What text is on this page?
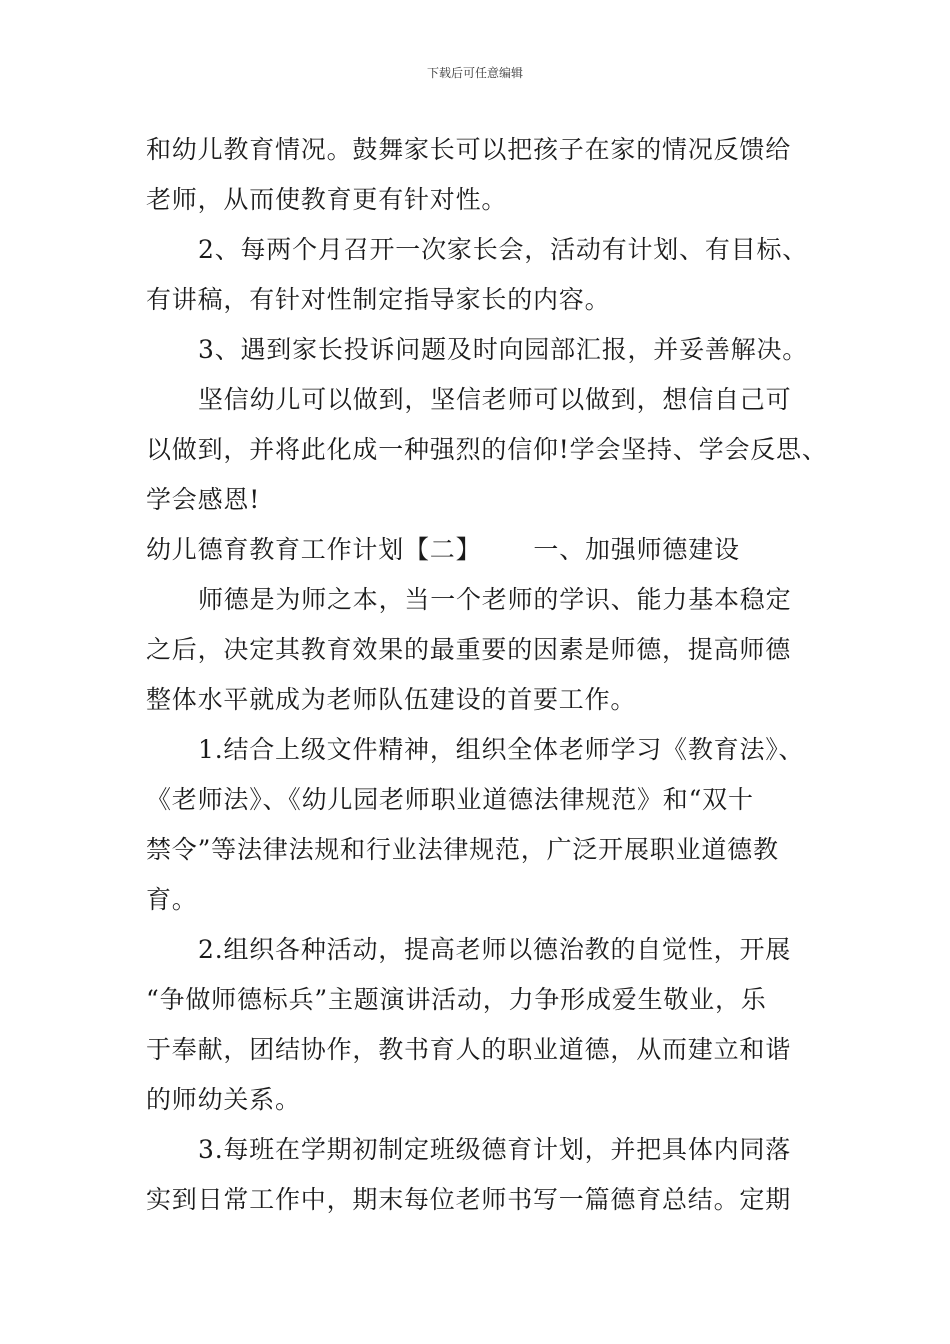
下载后可任意编辑

和幼儿教育情况。鼓舞家长可以把孩子在家的情况反馈给
老师，从而使教育更有针对性。

2、每两个月召开一次家长会，活动有计划、有目标、
有讲稿，有针对性制定指导家长的内容。

3、遇到家长投诉问题及时向园部汇报，并妥善解决。

坚信幼儿可以做到，坚信老师可以做到，想信自己可
以做到，并将此化成一种强烈的信仰!学会坚持、学会反思、
学会感恩!

幼儿德育教育工作计划【二】 一、加强师德建设

师德是为师之本，当一个老师的学识、能力基本稳定
之后，决定其教育效果的最重要的因素是师德，提高师德
整体水平就成为老师队伍建设的首要工作。

1.结合上级文件精神，组织全体老师学习《教育法》、
《老师法》、《幼儿园老师职业道德法律规范》和“双十
禁令”等法律法规和行业法律规范，广泛开展职业道德教
育。

2.组织各种活动，提高老师以德治教的自觉性，开展
“争做师德标兵”主题演讲活动，力争形成爱生敬业，乐
于奉献，团结协作，教书育人的职业道德，从而建立和谐
的师幼关系。

3.每班在学期初制定班级德育计划，并把具体内同落
实到日常工作中，期末每位老师书写一篇德育总结。定期
